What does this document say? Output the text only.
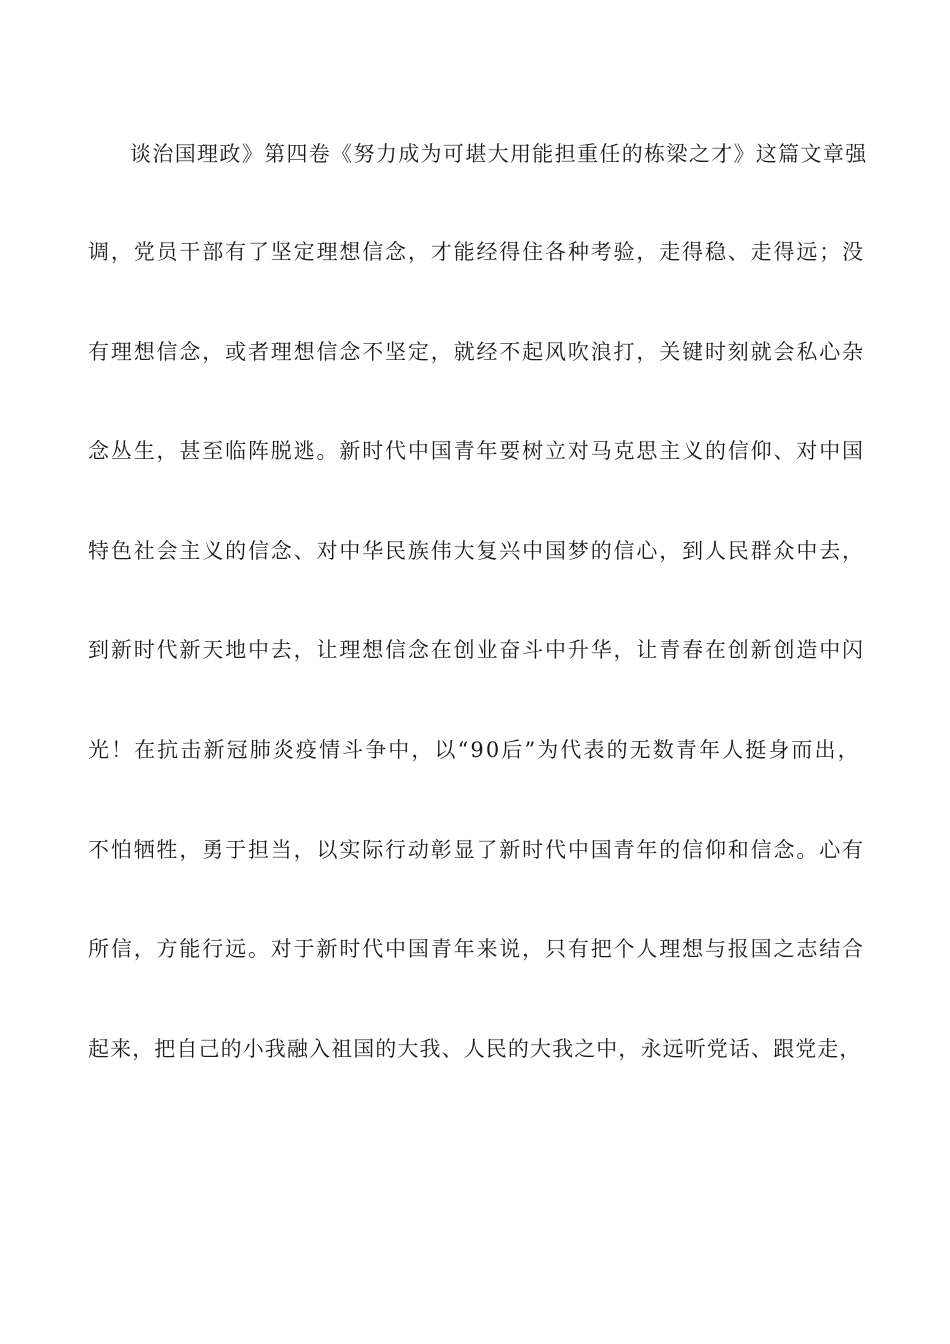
谈治国理政》第四卷《努力成为可堪大用能担重任的栋梁之才》这篇文章强
调，党员干部有了坚定理想信念，才能经得住各种考验，走得稳、走得远；没
有理想信念，或者理想信念不坚定，就经不起风吹浪打，关键时刻就会私心杂
念丛生，甚至临阵脱逃。新时代中国青年要树立对马克思主义的信仰、对中国
特色社会主义的信念、对中华民族伟大复兴中国梦的信心，到人民群众中去，
到新时代新天地中去，让理想信念在创业奋斗中升华，让青春在创新创造中闪
光！在抗击新冠肺炎疫情斗争中，以“90后”为代表的无数青年人挺身而出，
不怕牺牲，勇于担当，以实际行动彰显了新时代中国青年的信仰和信念。心有
所信，方能行远。对于新时代中国青年来说，只有把个人理想与报国之志结合
起来，把自己的小我融入祖国的大我、人民的大我之中，永远听党话、跟党走，
